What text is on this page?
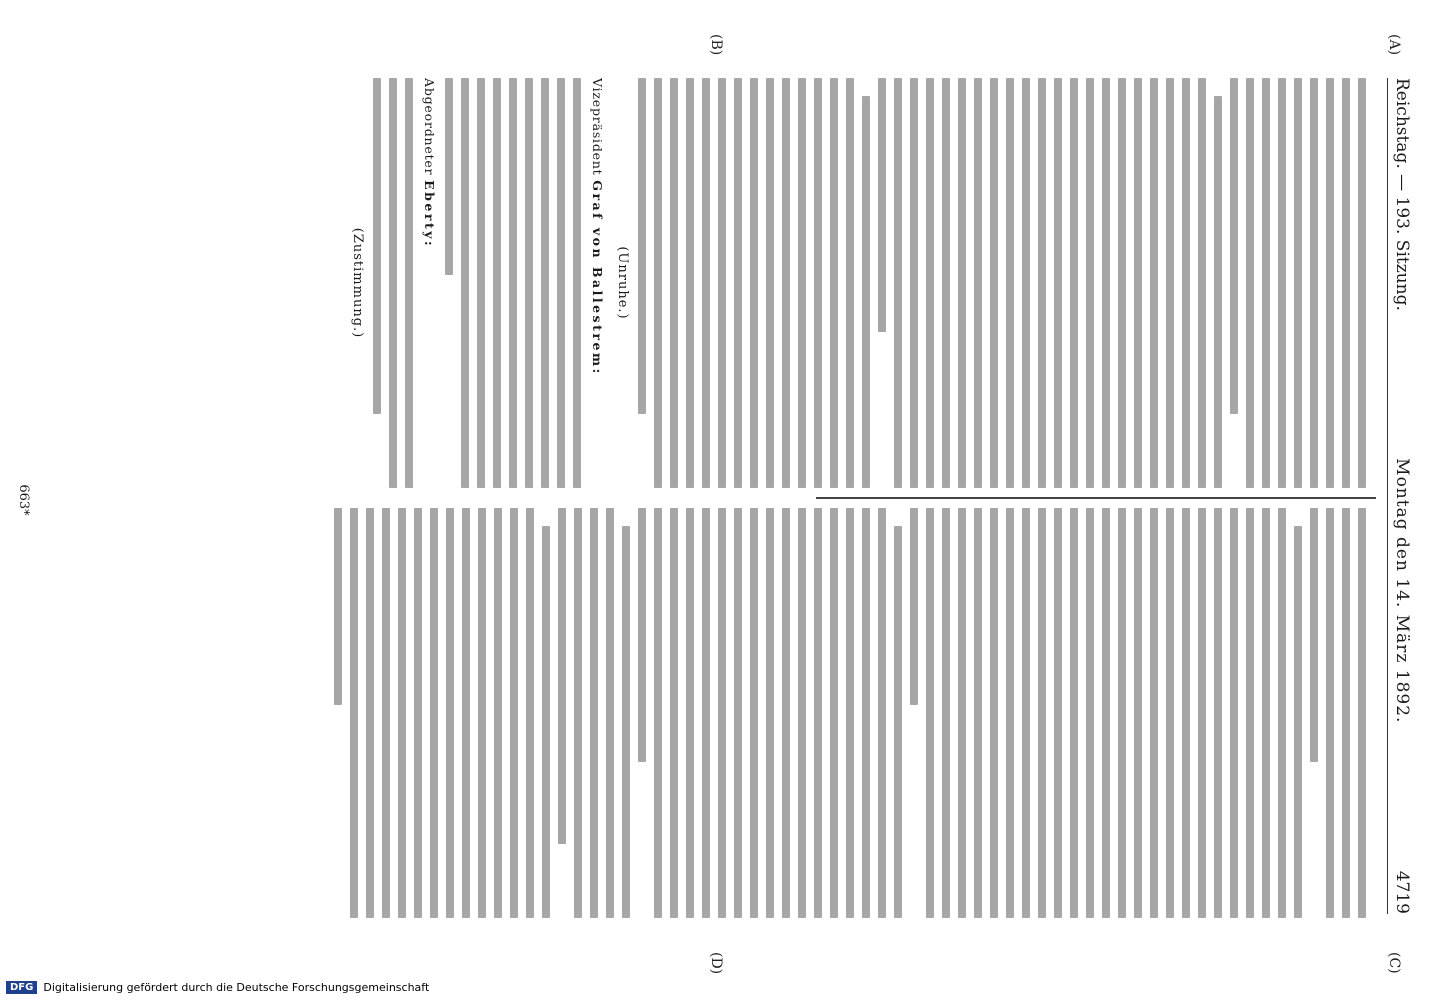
Reichstag. — 193. Sitzung.
Montag den 14. März 1892.
4719
(A)
(B)
(C)
(D)
(Unruhe.)
Vizepräsident Graf von Ballestrem:
Abgeordneter Eberty:
(Zustimmung.)
663*
DFG Digitalisierung gefördert durch die Deutsche Forschungsgemeinschaft
